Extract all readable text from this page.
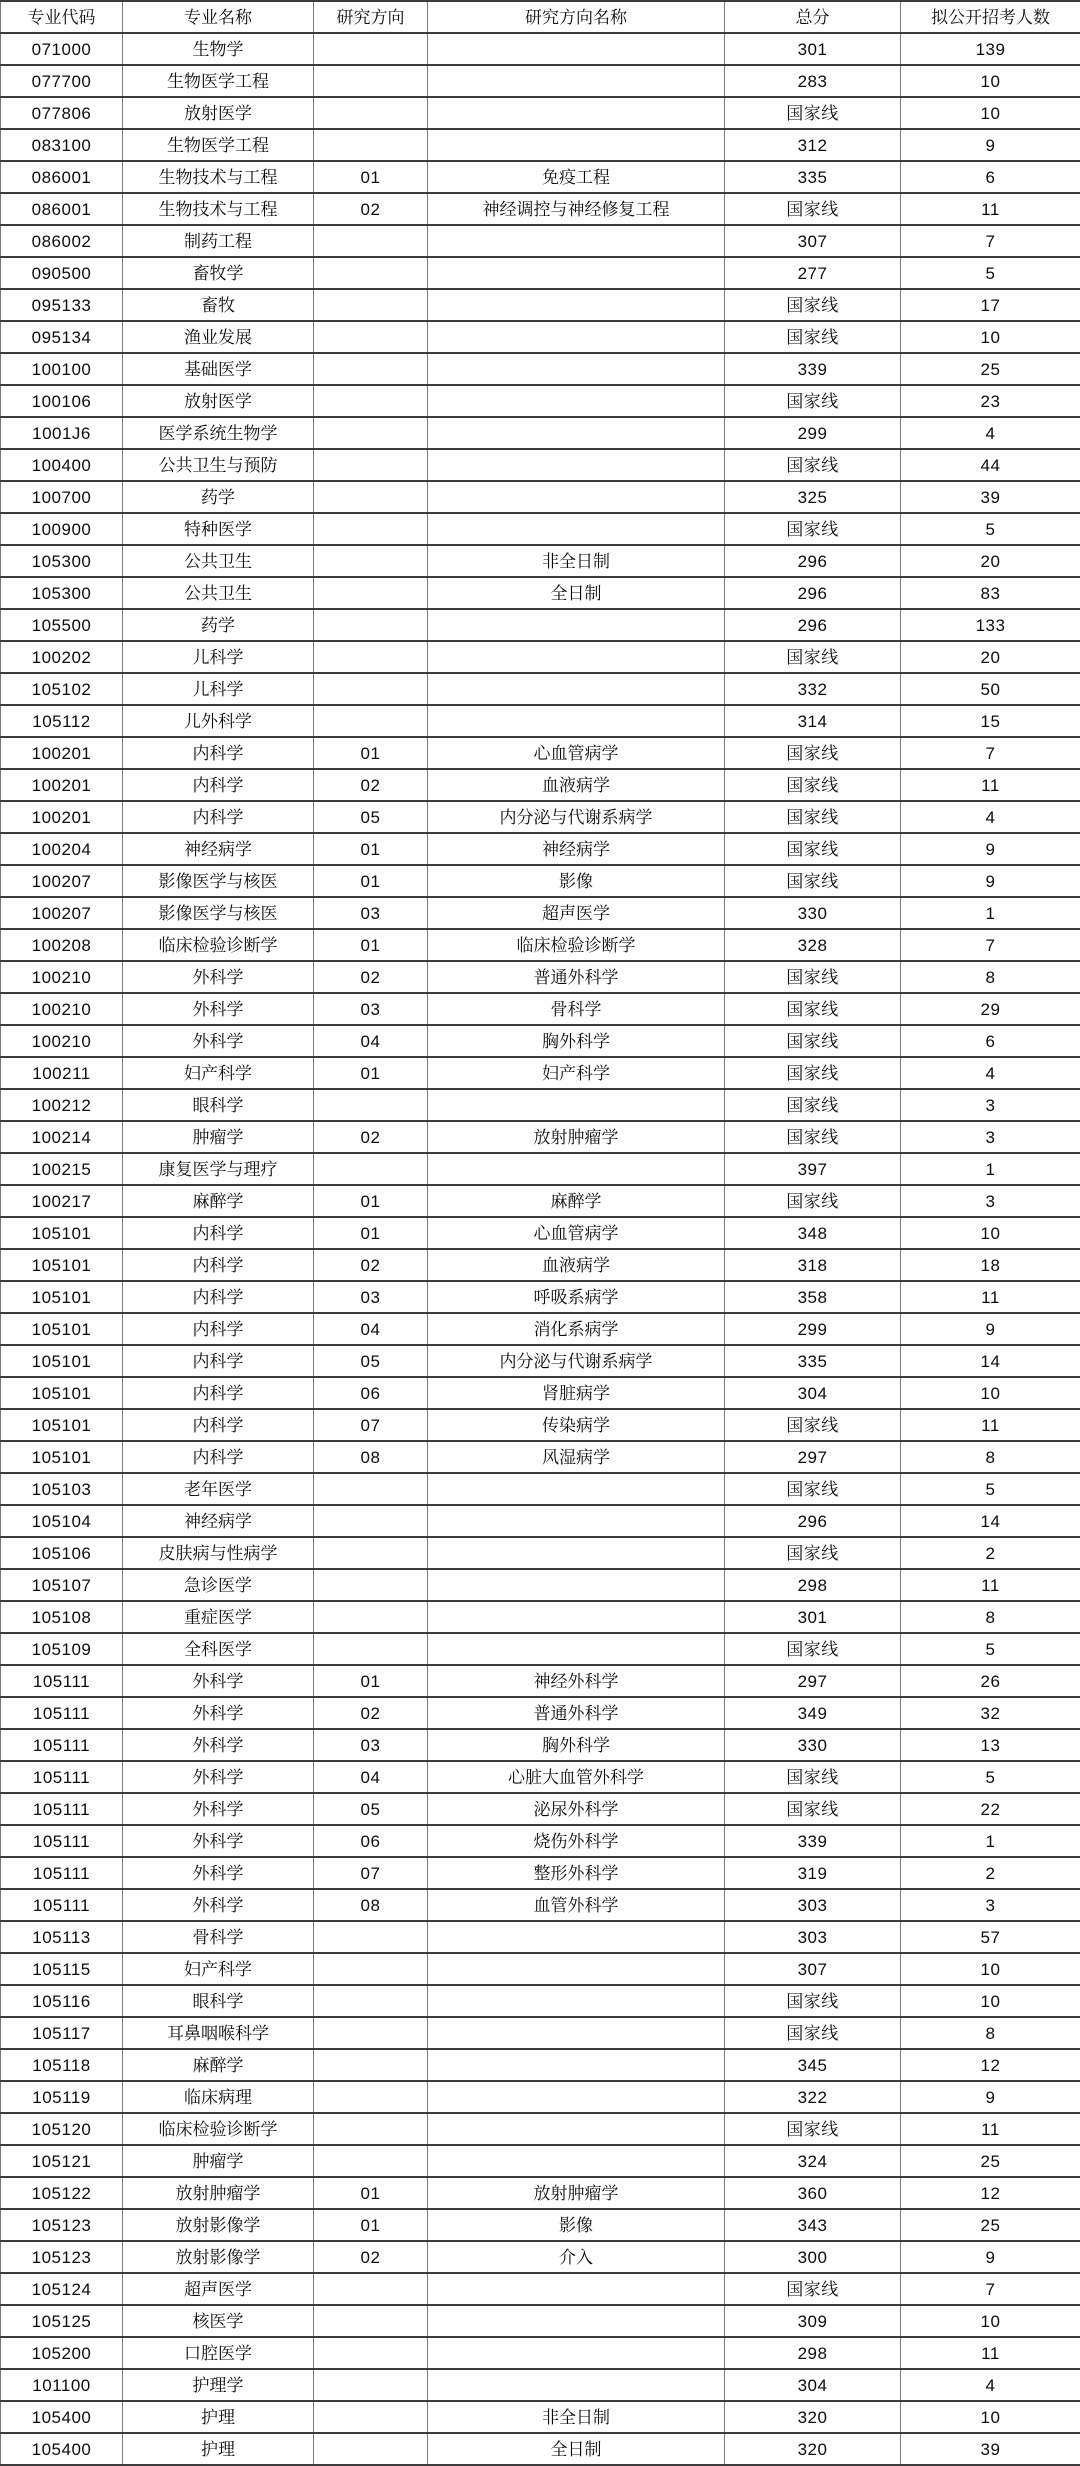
专业代码	专业名称	研究方向	研究方向名称	总分	拟公开招考人数
071000	生物学			301	139
077700	生物医学工程			283	10
077806	放射医学			国家线	10
083100	生物医学工程			312	9
086001	生物技术与工程	01	免疫工程	335	6
086001	生物技术与工程	02	神经调控与神经修复工程	国家线	11
086002	制药工程			307	7
090500	畜牧学			277	5
095133	畜牧			国家线	17
095134	渔业发展			国家线	10
100100	基础医学			339	25
100106	放射医学			国家线	23
1001J6	医学系统生物学			299	4
100400	公共卫生与预防			国家线	44
100700	药学			325	39
100900	特种医学			国家线	5
105300	公共卫生		非全日制	296	20
105300	公共卫生		全日制	296	83
105500	药学			296	133
100202	儿科学			国家线	20
105102	儿科学			332	50
105112	儿外科学			314	15
100201	内科学	01	心血管病学	国家线	7
100201	内科学	02	血液病学	国家线	11
100201	内科学	05	内分泌与代谢系病学	国家线	4
100204	神经病学	01	神经病学	国家线	9
100207	影像医学与核医	01	影像	国家线	9
100207	影像医学与核医	03	超声医学	330	1
100208	临床检验诊断学	01	临床检验诊断学	328	7
100210	外科学	02	普通外科学	国家线	8
100210	外科学	03	骨科学	国家线	29
100210	外科学	04	胸外科学	国家线	6
100211	妇产科学	01	妇产科学	国家线	4
100212	眼科学			国家线	3
100214	肿瘤学	02	放射肿瘤学	国家线	3
100215	康复医学与理疗			397	1
100217	麻醉学	01	麻醉学	国家线	3
105101	内科学	01	心血管病学	348	10
105101	内科学	02	血液病学	318	18
105101	内科学	03	呼吸系病学	358	11
105101	内科学	04	消化系病学	299	9
105101	内科学	05	内分泌与代谢系病学	335	14
105101	内科学	06	肾脏病学	304	10
105101	内科学	07	传染病学	国家线	11
105101	内科学	08	风湿病学	297	8
105103	老年医学			国家线	5
105104	神经病学			296	14
105106	皮肤病与性病学			国家线	2
105107	急诊医学			298	11
105108	重症医学			301	8
105109	全科医学			国家线	5
105111	外科学	01	神经外科学	297	26
105111	外科学	02	普通外科学	349	32
105111	外科学	03	胸外科学	330	13
105111	外科学	04	心脏大血管外科学	国家线	5
105111	外科学	05	泌尿外科学	国家线	22
105111	外科学	06	烧伤外科学	339	1
105111	外科学	07	整形外科学	319	2
105111	外科学	08	血管外科学	303	3
105113	骨科学			303	57
105115	妇产科学			307	10
105116	眼科学			国家线	10
105117	耳鼻咽喉科学			国家线	8
105118	麻醉学			345	12
105119	临床病理			322	9
105120	临床检验诊断学			国家线	11
105121	肿瘤学			324	25
105122	放射肿瘤学	01	放射肿瘤学	360	12
105123	放射影像学	01	影像	343	25
105123	放射影像学	02	介入	300	9
105124	超声医学			国家线	7
105125	核医学			309	10
105200	口腔医学			298	11
101100	护理学			304	4
105400	护理		非全日制	320	10
105400	护理		全日制	320	39
